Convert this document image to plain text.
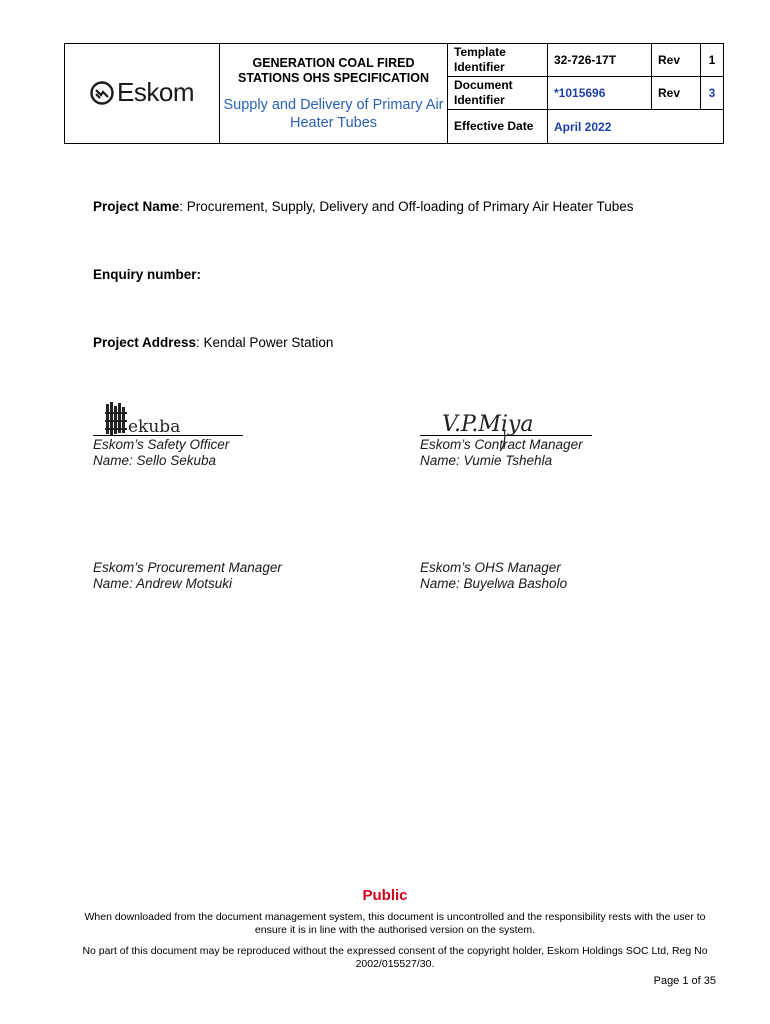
Eskom	GENERATION COAL FIRED STATIONS OHS SPECIFICATION
Supply and Delivery of Primary Air Heater Tubes	Template Identifier	32-726-17T	Rev	1
		Document Identifier	*1015696	Rev	3
		Effective Date	April 2022		
Project Name: Procurement, Supply, Delivery and Off-loading of Primary Air Heater Tubes
Enquiry number:
Project Address: Kendal Power Station
ekuba
Eskom’s Safety Officer
Name: Sello Sekuba
V.P.Miya
Eskom’s Contract Manager
Name: Vumie Tshehla
Eskom’s Procurement Manager
Name: Andrew Motsuki
Eskom’s OHS Manager
Name: Buyelwa Basholo
Public
When downloaded from the document management system, this document is uncontrolled and the responsibility rests with the user to ensure it is in line with the authorised version on the system.
No part of this document may be reproduced without the expressed consent of the copyright holder, Eskom Holdings SOC Ltd, Reg No 2002/015527/30.
Page 1 of 35
